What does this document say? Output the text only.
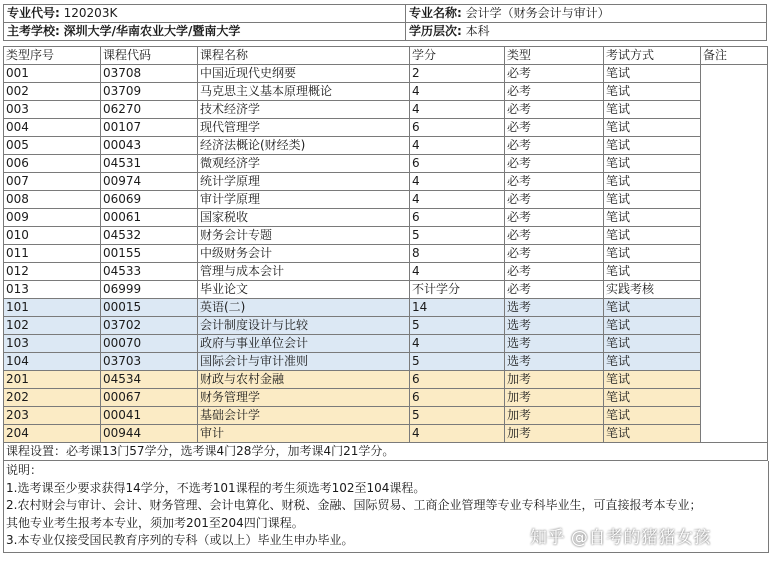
专业代号: 120203K	专业名称: 会计学（财务会计与审计）
主考学校: 深圳大学/华南农业大学/暨南大学	学历层次: 本科
类型序号	课程代码	课程名称	学分	类型	考试方式	备注
001	03708	中国近现代史纲要	2	必考	笔试	
002	03709	马克思主义基本原理概论	4	必考	笔试	
003	06270	技术经济学	4	必考	笔试	
004	00107	现代管理学	6	必考	笔试	
005	00043	经济法概论(财经类)	4	必考	笔试	
006	04531	微观经济学	6	必考	笔试	
007	00974	统计学原理	4	必考	笔试	
008	06069	审计学原理	4	必考	笔试	
009	00061	国家税收	6	必考	笔试	
010	04532	财务会计专题	5	必考	笔试	
011	00155	中级财务会计	8	必考	笔试	
012	04533	管理与成本会计	4	必考	笔试	
013	06999	毕业论文	不计学分	必考	实践考核	
101	00015	英语(二)	14	选考	笔试	
102	03702	会计制度设计与比较	5	选考	笔试	
103	00070	政府与事业单位会计	4	选考	笔试	
104	03703	国际会计与审计准则	5	选考	笔试	
201	04534	财政与农村金融	6	加考	笔试	
202	00067	财务管理学	6	加考	笔试	
203	00041	基础会计学	5	加考	笔试	
204	00944	审计	4	加考	笔试	
课程设置：必考课13门57学分，选考课4门28学分，加考课4门21学分。						
说明：
1.选考课至少要求获得14学分，不选考101课程的考生须选考102至104课程。
2.农村财会与审计、会计、财务管理、会计电算化、财税、金融、国际贸易、工商企业管理等专业专科毕业生，可直接报考本专业；
其他专业考生报考本专业，须加考201至204四门课程。
3.本专业仅接受国民教育序列的专科（或以上）毕业生申办毕业。	知乎 @自考的猪猪女孩
